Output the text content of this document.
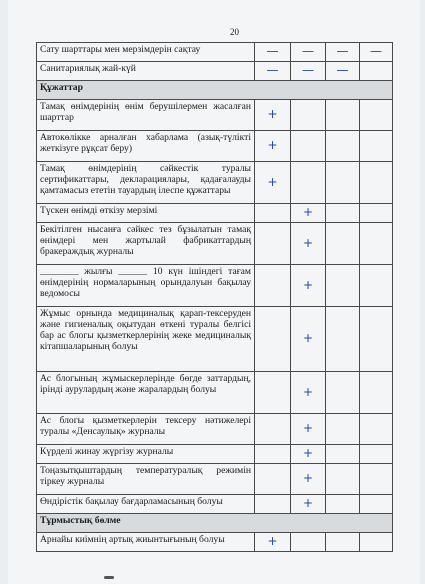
20
Сату шарттары мен мерзімдерін сақтау	—	—	—	—
Санитариялық жай-күй	—	—	—	
Құжаттар				
Тамақ өнімдерінің өнім берушілермен жасалған шарттар	+			
Автокөлікке арналған хабарлама (азық-түлікті жеткізуге рұқсат беру)	+			
Тамақ өнімдерінің сәйкестік туралы сертификаттары, декларациялары, қадағалауды қамтамасыз ететін тауардың ілеспе құжаттары	+			
Түскен өнімді өткізу мерзімі		+		
Бекітілген нысанға сәйкес тез бұзылатын тамақ өнімдері мен жартылай фабрикаттардың бракераждық журналы		+		
________ жылғы ______ 10 күн ішіндегі тағам өнімдерінің нормаларының орындалуын бақылау ведомосы		+		
Жұмыс орнында медициналық қарап-тексеруден және гигиеналық оқытудан өткені туралы белгісі бар ас блогы қызметкерлерінің жеке медициналық кітапшаларының болуы		+		
Ас блогының жұмыскерлерінде бөгде заттардың, ірінді аурулардың және жаралардың болуы		+		
Ас блогы қызметкерлерін тексеру нәтижелері туралы «Денсаулық» журналы		+		
Күрделі жинау жүргізу журналы		+		
Тоңазытқыштардың температуралық режимін тіркеу журналы		+		
Өндірістік бақылау бағдарламасының болуы		+		
Тұрмыстық бөлме				
Арнайы киімнің артық жиынтығының болуы	+			
